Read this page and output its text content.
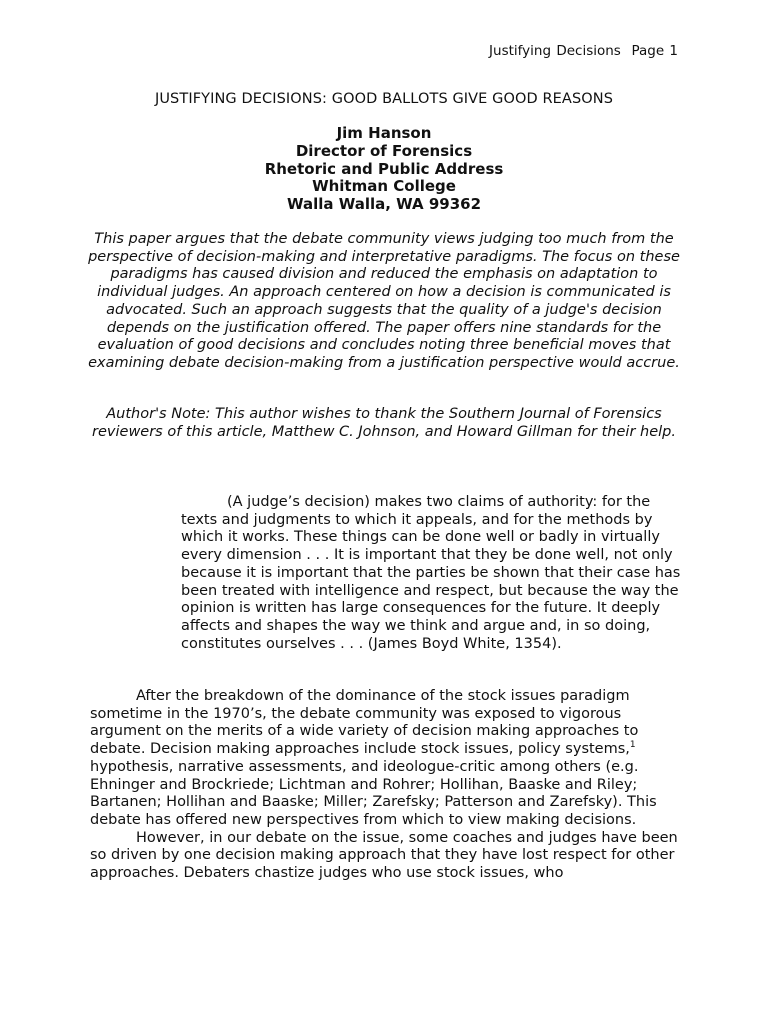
Justifying Decisions Page 1
JUSTIFYING DECISIONS: GOOD BALLOTS GIVE GOOD REASONS
Jim Hanson
Director of Forensics
Rhetoric and Public Address
Whitman College
Walla Walla, WA 99362

This paper argues that the debate community views judging too much from the perspective of decision-making and interpretative paradigms. The focus on these paradigms has caused division and reduced the emphasis on adaptation to individual judges. An approach centered on how a decision is communicated is advocated. Such an approach suggests that the quality of a judge's decision depends on the justification offered. The paper offers nine standards for the evaluation of good decisions and concludes noting three beneficial moves that examining debate decision-making from a justification perspective would accrue.

Author's Note: This author wishes to thank the Southern Journal of Forensics reviewers of this article, Matthew C. Johnson, and Howard Gillman for their help.

(A judge’s decision) makes two claims of authority: for the texts and judgments to which it appeals, and for the methods by which it works. These things can be done well or badly in virtually every dimension . . . It is important that they be done well, not only because it is important that the parties be shown that their case has been treated with intelligence and respect, but because the way the opinion is written has large consequences for the future. It deeply affects and shapes the way we think and argue and, in so doing, constitutes ourselves . . . (James Boyd White, 1354).

After the breakdown of the dominance of the stock issues paradigm sometime in the 1970’s, the debate community was exposed to vigorous argument on the merits of a wide variety of decision making approaches to debate. Decision making approaches include stock issues, policy systems,$^1$ hypothesis, narrative assessments, and ideologue-critic among others (e.g. Ehninger and Brockriede; Lichtman and Rohrer; Hollihan, Baaske and Riley; Bartanen; Hollihan and Baaske; Miller; Zarefsky; Patterson and Zarefsky). This debate has offered new perspectives from which to view making decisions.

However, in our debate on the issue, some coaches and judges have been so driven by one decision making approach that they have lost respect for other approaches. Debaters chastize judges who use stock issues, who
